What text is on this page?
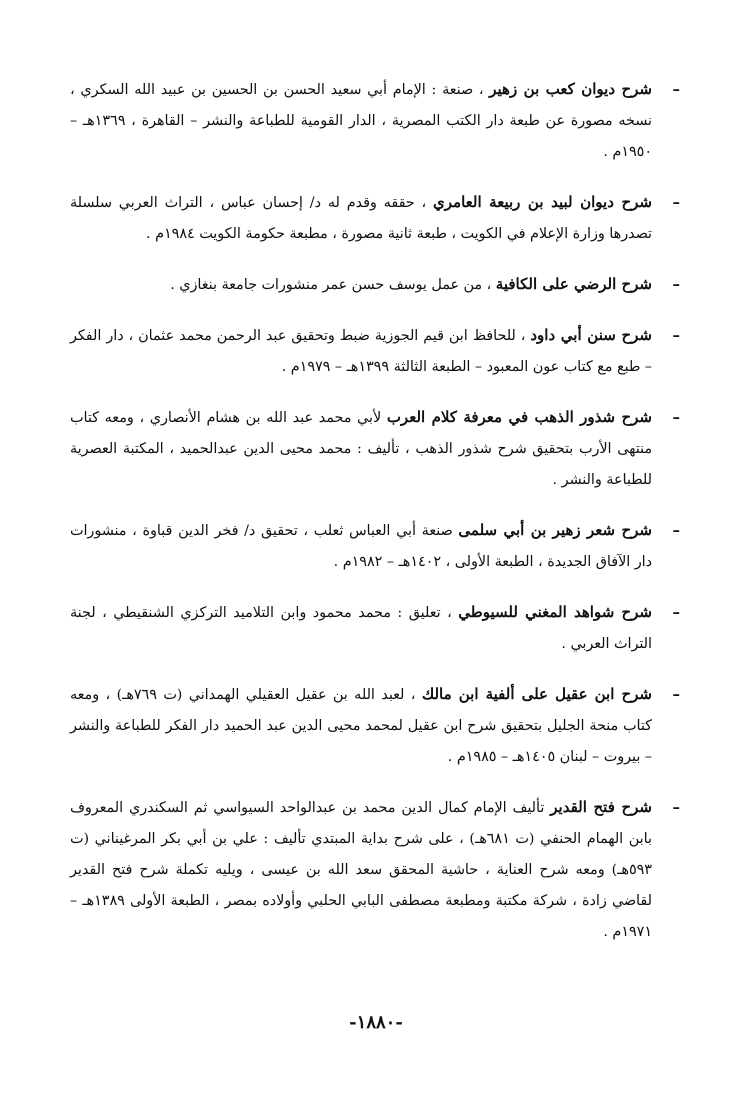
–
شرح ديوان كعب بن زهير ، صنعة : الإمام أبي سعيد الحسن بن الحسين بن عبيد الله السكري ، نسخه مصورة عن طبعة دار الكتب المصرية ، الدار القومية للطباعة والنشر – القاهرة ، ١٣٦٩هـ – ١٩٥٠م .
–
شرح ديوان لبيد بن ربيعة العامري ، حققه وقدم له د/ إحسان عباس ، التراث العربي سلسلة تصدرها وزارة الإعلام في الكويت ، طبعة ثانية مصورة ، مطبعة حكومة الكويت ١٩٨٤م .
–
شرح الرضي على الكافية ، من عمل يوسف حسن عمر منشورات جامعة بنغازي .
–
شرح سنن أبي داود ، للحافظ ابن قيم الجوزية ضبط وتحقيق عبد الرحمن محمد عثمان ، دار الفكر – طبع مع كتاب عون المعبود – الطبعة الثالثة ١٣٩٩هـ – ١٩٧٩م .
–
شرح شذور الذهب في معرفة كلام العرب لأبي محمد عبد الله بن هشام الأنصاري ، ومعه كتاب منتهى الأرب بتحقيق شرح شذور الذهب ، تأليف : محمد محيى الدين عبدالحميد ، المكتبة العصرية للطباعة والنشر .
–
شرح شعر زهير بن أبي سلمى صنعة أبي العباس ثعلب ، تحقيق د/ فخر الدين قباوة ، منشورات دار الآفاق الجديدة ، الطبعة الأولى ، ١٤٠٢هـ – ١٩٨٢م .
–
شرح شواهد المغني للسيوطي ، تعليق : محمد محمود وابن التلاميد التركزي الشنقيطي ، لجنة التراث العربي .
–
شرح ابن عقيل على ألفية ابن مالك ، لعبد الله بن عقيل العقيلي الهمداني (ت ٧٦٩هـ) ، ومعه كتاب منحة الجليل بتحقيق شرح ابن عقيل لمحمد محيى الدين عبد الحميد دار الفكر للطباعة والنشر – بيروت – لبنان ١٤٠٥هـ – ١٩٨٥م .
–
شرح فتح القدير تأليف الإمام كمال الدين محمد بن عبدالواحد السيواسي ثم السكندري المعروف بابن الهمام الحنفي (ت ٦٨١هـ) ، على شرح بداية المبتدي تأليف : علي بن أبي بكر المرغيناني (ت ٥٩٣هـ) ومعه شرح العناية ، حاشية المحقق سعد الله بن عيسى ، ويليه تكملة شرح فتح القدير لقاضي زادة ، شركة مكتبة ومطبعة مصطفى البابي الحلبي وأولاده بمصر ، الطبعة الأولى ١٣٨٩هـ – ١٩٧١م .
-١٨٨٠-
